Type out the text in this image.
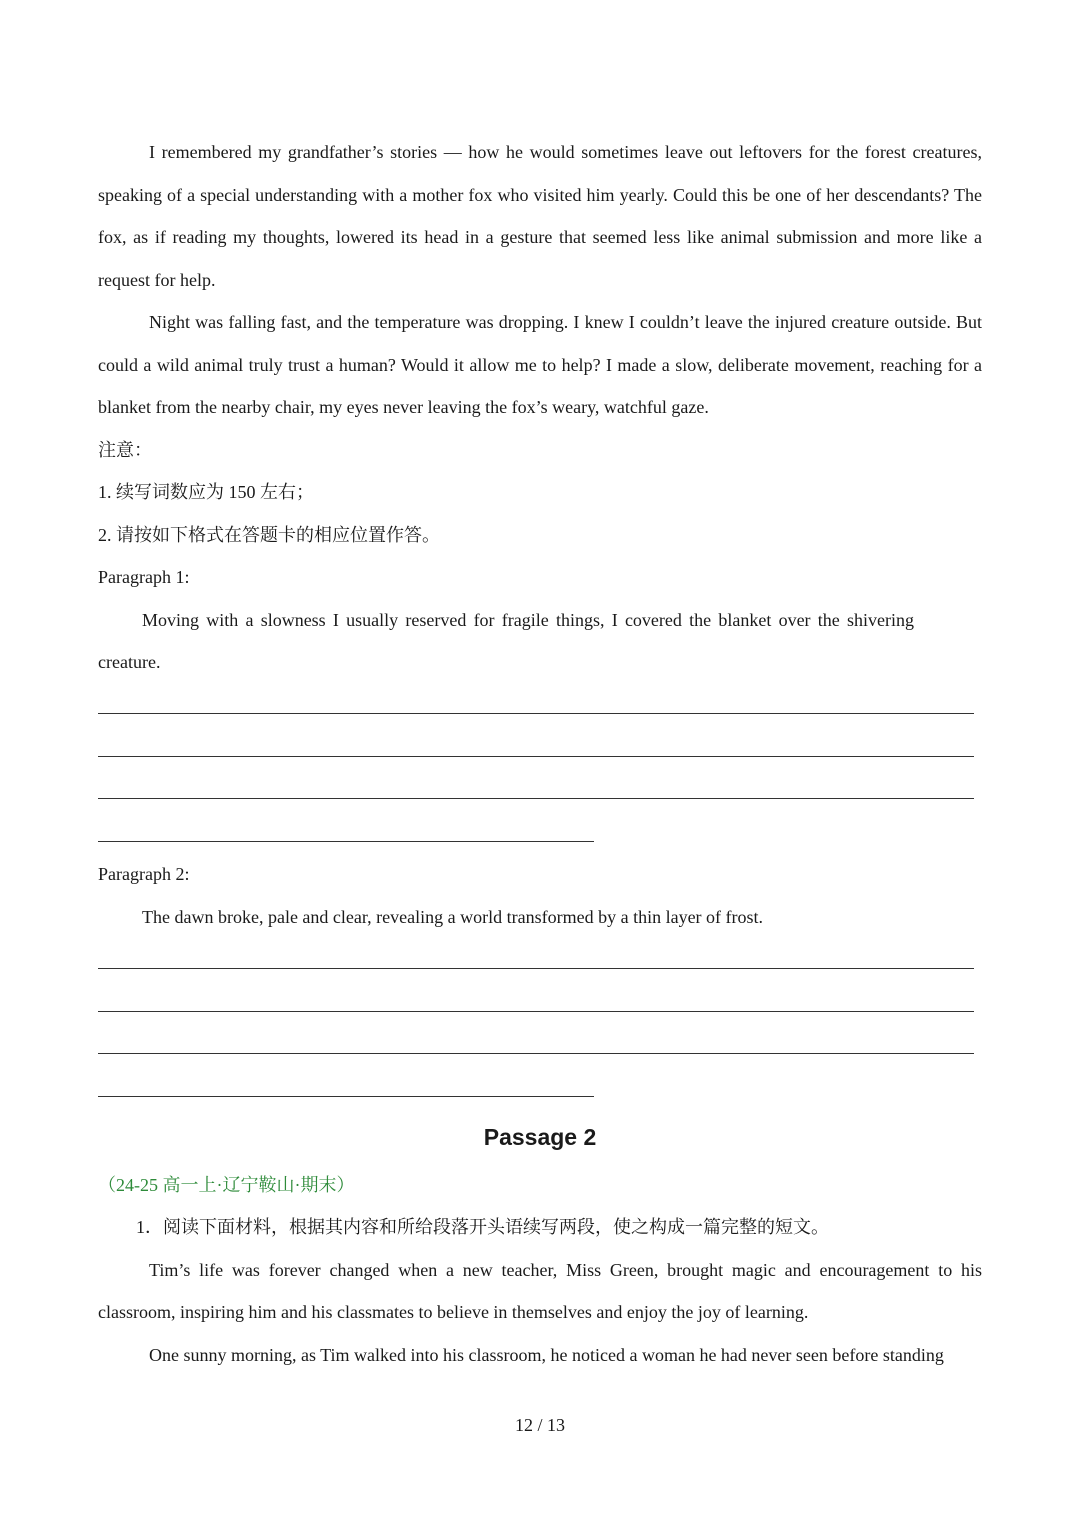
I remembered my grandfather’s stories — how he would sometimes leave out leftovers for the forest creatures, speaking of a special understanding with a mother fox who visited him yearly. Could this be one of her descendants? The fox, as if reading my thoughts, lowered its head in a gesture that seemed less like animal submission and more like a request for help.

Night was falling fast, and the temperature was dropping. I knew I couldn’t leave the injured creature outside. But could a wild animal truly trust a human? Would it allow me to help? I made a slow, deliberate movement, reaching for a blanket from the nearby chair, my eyes never leaving the fox’s weary, watchful gaze.

注意：

1. 续写词数应为 150 左右；

2. 请按如下格式在答题卡的相应位置作答。

Paragraph 1:

Moving with a slowness I usually reserved for fragile things, I covered the blanket over the shivering creature.

Paragraph 2:

The dawn broke, pale and clear, revealing a world transformed by a thin layer of frost.

Passage 2
（24-25 高一上·辽宁鞍山·期末）

1．阅读下面材料，根据其内容和所给段落开头语续写两段，使之构成一篇完整的短文。

Tim’s life was forever changed when a new teacher, Miss Green, brought magic and encouragement to his classroom, inspiring him and his classmates to believe in themselves and enjoy the joy of learning.

One sunny morning, as Tim walked into his classroom, he noticed a woman he had never seen before standing

12 / 13
